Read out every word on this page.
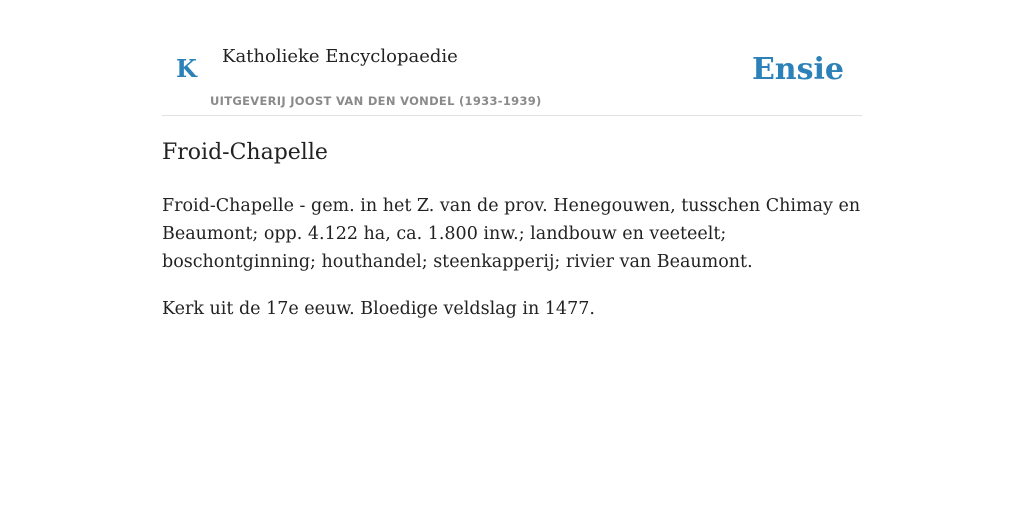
K Katholieke Encyclopaedie
UITGEVERIJ JOOST VAN DEN VONDEL (1933-1939)
Ensie
Froid-Chapelle

Froid-Chapelle - gem. in het Z. van de prov. Henegouwen, tusschen Chimay en Beaumont; opp. 4.122 ha, ca. 1.800 inw.; landbouw en veeteelt; boschontginning; houthandel; steenkapperij; rivier van Beaumont.

Kerk uit de 17e eeuw. Bloedige veldslag in 1477.
